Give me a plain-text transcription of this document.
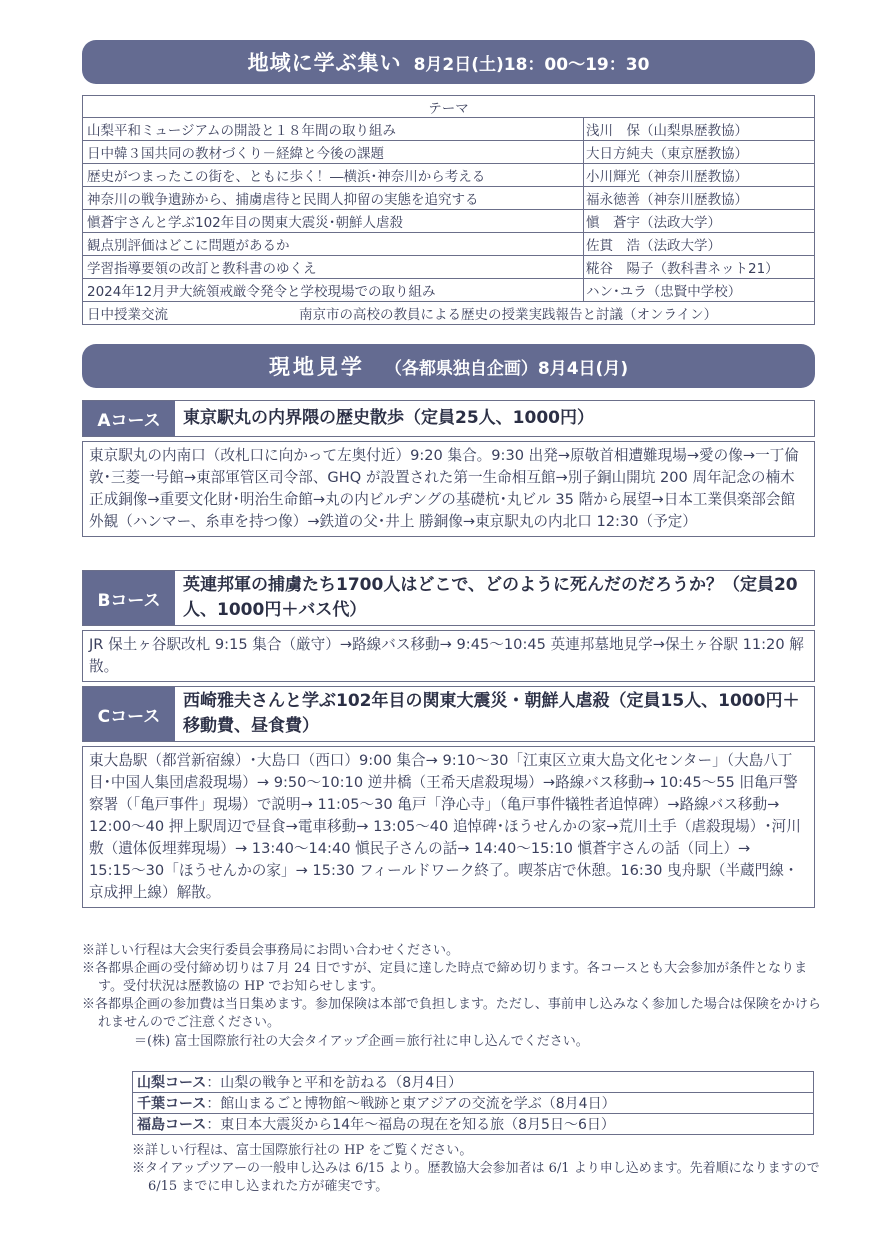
地域に学ぶ集い 8月2日(土)18：00〜19：30
テーマ	
山梨平和ミュージアムの開設と１８年間の取り組み	浅川　保（山梨県歴教協）
日中韓３国共同の教材づくり－経緯と今後の課題	大日方純夫（東京歴教協）
歴史がつまったこの街を、ともに歩く！―横浜･神奈川から考える	小川輝光（神奈川歴教協）
神奈川の戦争遺跡から、捕虜虐待と民間人抑留の実態を追究する	福永徳善（神奈川歴教協）
愼蒼宇さんと学ぶ102年目の関東大震災･朝鮮人虐殺	愼　蒼宇（法政大学）
観点別評価はどこに問題があるか	佐貫　浩（法政大学）
学習指導要領の改訂と教科書のゆくえ	糀谷　陽子（教科書ネット21）
2024年12月尹大統領戒厳令発令と学校現場での取り組み	ハン･ユラ（忠賢中学校）
日中授業交流 南京市の高校の教員による歴史の授業実践報告と討議（オンライン）	
現地見学 （各都県独自企画）8月4日(月)
Aコース	東京駅丸の内界隈の歴史散歩（定員25人、1000円）
東京駅丸の内南口（改札口に向かって左奥付近）9:20 集合。9:30 出発→原敬首相遭難現場→愛の像→一丁倫敦･三菱一号館→東部軍管区司令部、GHQ が設置された第一生命相互館→別子銅山開坑 200 周年記念の楠木正成銅像→重要文化財･明治生命館→丸の内ビルヂングの基礎杭･丸ビル 35 階から展望→日本工業倶楽部会館外観（ハンマー、糸車を持つ像）→鉄道の父･井上 勝銅像→東京駅丸の内北口 12:30（予定）
Bコース
英連邦軍の捕虜たち1700人はどこで、どのように死んだのだろうか？（定員20人、1000円＋バス代）
JR 保土ヶ谷駅改札 9:15 集合（厳守）→路線バス移動→ 9:45〜10:45 英連邦墓地見学→保土ヶ谷駅 11:20 解散。
Cコース
西崎雅夫さんと学ぶ102年目の関東大震災・朝鮮人虐殺（定員15人、1000円＋移動費、昼食費）
東大島駅（都営新宿線）･大島口（西口）9:00 集合→ 9:10〜30「江東区立東大島文化センター」（大島八丁目･中国人集団虐殺現場）→ 9:50〜10:10 逆井橋（王希天虐殺現場）→路線バス移動→ 10:45〜55 旧亀戸警察署（「亀戸事件」現場）で説明→ 11:05〜30 亀戸「浄心寺」（亀戸事件犠牲者追悼碑）→路線バス移動→ 12:00〜40 押上駅周辺で昼食→電車移動→ 13:05〜40 追悼碑･ほうせんかの家→荒川土手（虐殺現場）･河川敷（遺体仮埋葬現場）→ 13:40〜14:40 愼民子さんの話→ 14:40〜15:10 愼蒼宇さんの話（同上）→ 15:15〜30「ほうせんかの家」→ 15:30 フィールドワーク終了。喫茶店で休憩。16:30 曳舟駅（半蔵門線・京成押上線）解散。
※詳しい行程は大会実行委員会事務局にお問い合わせください。
※各都県企画の受付締め切りは７月 24 日ですが、定員に達した時点で締め切ります。各コースとも大会参加が条件となります。受付状況は歴教協の HP でお知らせします。
※各都県企画の参加費は当日集めます。参加保険は本部で負担します。ただし、事前申し込みなく参加した場合は保険をかけられませんのでご注意ください。
＝(株) 富士国際旅行社の大会タイアップ企画＝旅行社に申し込んでください。
山梨コース：山梨の戦争と平和を訪ねる（8月4日）
千葉コース：館山まるごと博物館〜戦跡と東アジアの交流を学ぶ（8月4日）
福島コース：東日本大震災から14年〜福島の現在を知る旅（8月5日〜6日）
※詳しい行程は、富士国際旅行社の HP をご覧ください。
※タイアップツアーの一般申し込みは 6/15 より。歴教協大会参加者は 6/1 より申し込めます。先着順になりますので 6/15 までに申し込まれた方が確実です。
